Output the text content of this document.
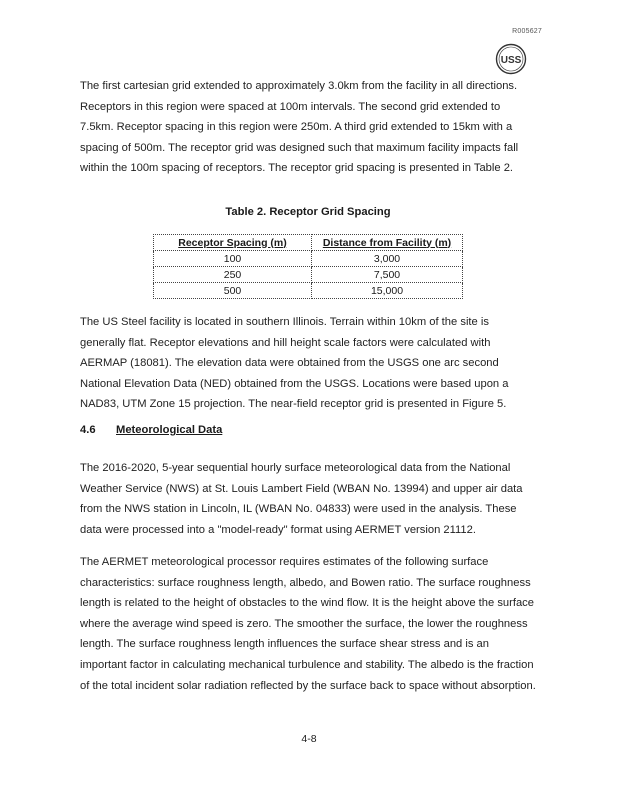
R005627
USS

The first cartesian grid extended to approximately 3.0km from the facility in all directions. Receptors in this region were spaced at 100m intervals. The second grid extended to 7.5km. Receptor spacing in this region were 250m. A third grid extended to 15km with a spacing of 500m. The receptor grid was designed such that maximum facility impacts fall within the 100m spacing of receptors. The receptor grid spacing is presented in Table 2.

Table 2. Receptor Grid Spacing

Receptor Spacing (m)	Distance from Facility (m)
100	3,000
250	7,500
500	15,000

The US Steel facility is located in southern Illinois. Terrain within 10km of the site is generally flat. Receptor elevations and hill height scale factors were calculated with AERMAP (18081). The elevation data were obtained from the USGS one arc second National Elevation Data (NED) obtained from the USGS. Locations were based upon a NAD83, UTM Zone 15 projection. The near-field receptor grid is presented in Figure 5.

4.6 Meteorological Data

The 2016-2020, 5-year sequential hourly surface meteorological data from the National Weather Service (NWS) at St. Louis Lambert Field (WBAN No. 13994) and upper air data from the NWS station in Lincoln, IL (WBAN No. 04833) were used in the analysis. These data were processed into a "model-ready" format using AERMET version 21112.

The AERMET meteorological processor requires estimates of the following surface characteristics: surface roughness length, albedo, and Bowen ratio. The surface roughness length is related to the height of obstacles to the wind flow. It is the height above the surface where the average wind speed is zero. The smoother the surface, the lower the roughness length. The surface roughness length influences the surface shear stress and is an important factor in calculating mechanical turbulence and stability. The albedo is the fraction of the total incident solar radiation reflected by the surface back to space without absorption.

4-8
